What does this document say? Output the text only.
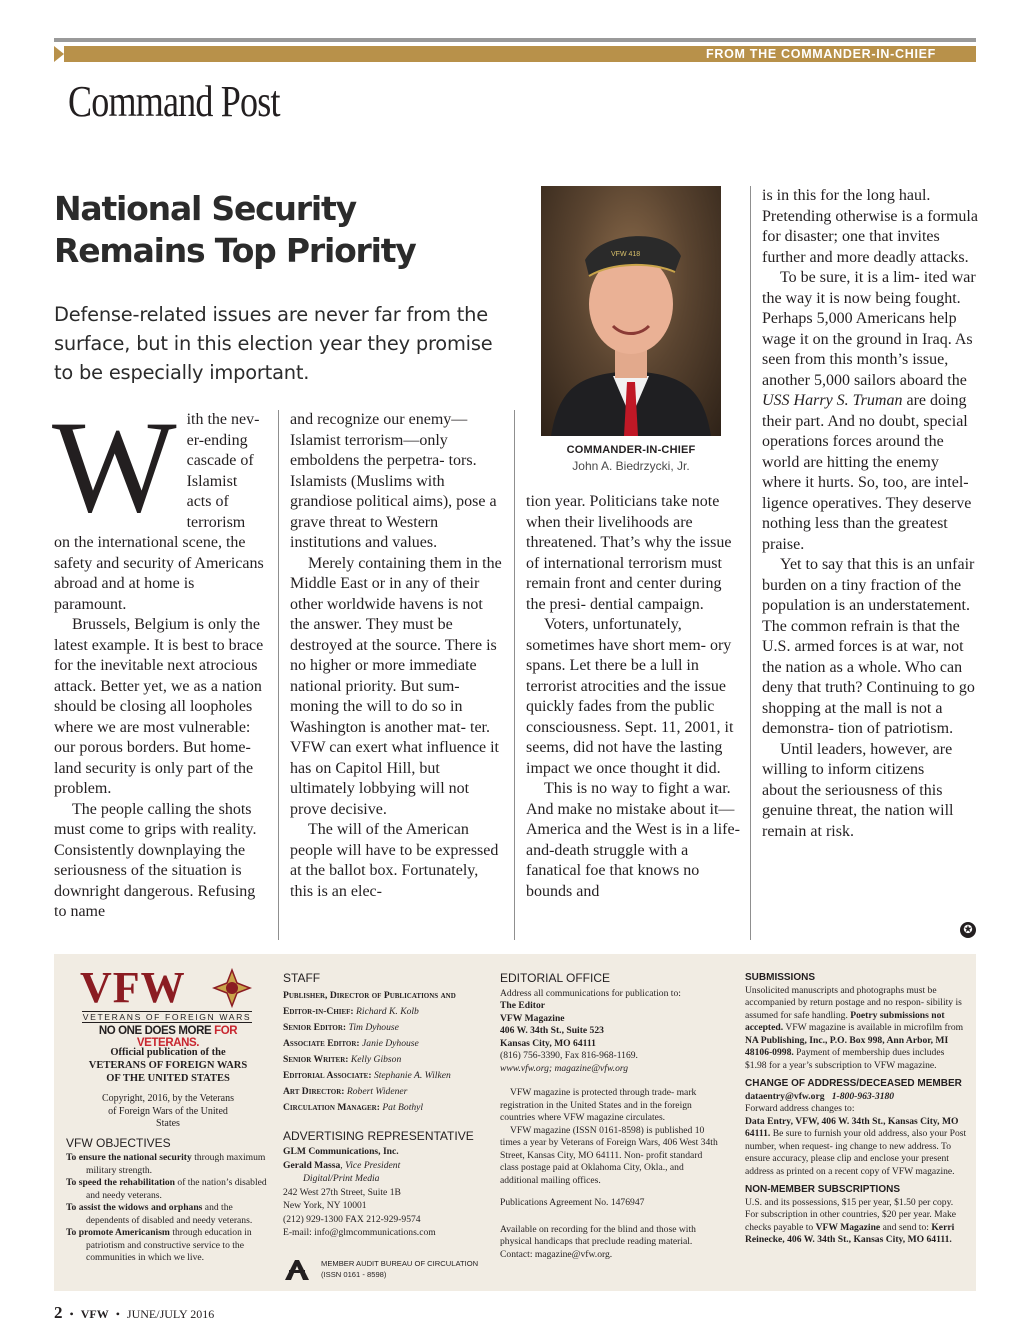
FROM THE COMMANDER-IN-CHIEF
Command Post
National Security
Remains Top Priority
Defense-related issues are never far from the surface, but in this election year they promise to be especially important.
W ith the nev- er-ending cascade of Islamist acts of terrorism

on the international scene, the safety and security of Americans abroad and at home is paramount.

Brussels, Belgium is only the latest example. It is best to brace for the inevitable next atrocious attack. Better yet, we as a nation should be closing all loopholes where we are most vulnerable: our porous borders. But home- land security is only part of the problem.

The people calling the shots must come to grips with reality. Consistently downplaying the seriousness of the situation is downright dangerous. Refusing to name

and recognize our enemy—Islamist terrorism—only emboldens the perpetra- tors. Islamists (Muslims with grandiose political aims), pose a grave threat to Western institutions and values.

Merely containing them in the Middle East or in any of their other worldwide havens is not the answer. They must be destroyed at the source. There is no higher or more immediate national priority. But sum- moning the will to do so in Washington is another mat- ter. VFW can exert what influence it has on Capitol Hill, but ultimately lobbying will not prove decisive.

The will of the American people will have to be expressed at the ballot box. Fortunately, this is an elec-

VFW 418
COMMANDER-IN-CHIEF
John A. Biedrzycki, Jr.

tion year. Politicians take note when their livelihoods are threatened. That’s why the issue of international terrorism must remain front and center during the presi- dential campaign.

Voters, unfortunately, sometimes have short mem- ory spans. Let there be a lull in terrorist atrocities and the issue quickly fades from the public consciousness. Sept. 11, 2001, it seems, did not have the lasting impact we once thought it did.

This is no way to fight a war. And make no mistake about it—America and the West is in a life-and-death struggle with a fanatical foe that knows no bounds and

is in this for the long haul. Pretending otherwise is a formula for disaster; one that invites further and more deadly attacks.

To be sure, it is a lim- ited war the way it is now being fought. Perhaps 5,000 Americans help wage it on the ground in Iraq. As seen from this month’s issue, another 5,000 sailors aboard the USS Harry S. Truman are doing their part. And no doubt, special operations forces around the world are hitting the enemy where it hurts. So, too, are intel- ligence operatives. They deserve nothing less than the greatest praise.

Yet to say that this is an unfair burden on a tiny fraction of the population is an understatement. The common refrain is that the U.S. armed forces is at war, not the nation as a whole. Who can deny that truth? Continuing to go shopping at the mall is not a demonstra- tion of patriotism.

Until leaders, however, are willing to inform citizens about the seriousness of this genuine threat, the nation will remain at risk.

✪
VFW
VETERANS OF FOREIGN WARS
NO ONE DOES MORE FOR VETERANS.
Official publication of the VETERANS OF FOREIGN WARS OF THE UNITED STATES
Copyright, 2016, by the Veterans of Foreign Wars of the United States
VFW OBJECTIVES
To ensure the national security through maximum military strength.
To speed the rehabilitation of the nation’s disabled and needy veterans.
To assist the widows and orphans and the dependents of disabled and needy veterans.
To promote Americanism through education in patriotism and constructive service to the communities in which we live.
STAFF
Publisher, Director of Publications and Editor-in-Chief: Richard K. Kolb
Senior Editor: Tim Dyhouse
Associate Editor: Janie Dyhouse
Senior Writer: Kelly Gibson
Editorial Associate: Stephanie A. Wilken
Art Director: Robert Widener
Circulation Manager: Pat Bothyl
ADVERTISING REPRESENTATIVE
GLM Communications, Inc.
Gerald Massa, Vice President
Digital/Print Media
242 West 27th Street, Suite 1B
New York, NY 10001
(212) 929-1300 FAX 212-929-9574
E-mail: info@glmcommunications.com
MEMBER AUDIT BUREAU OF CIRCULATION
(ISSN 0161 - 8598)
EDITORIAL OFFICE
Address all communications for publication to:
The Editor
VFW Magazine
406 W. 34th St., Suite 523
Kansas City, MO 64111
(816) 756-3390, Fax 816-968-1169.
www.vfw.org; magazine@vfw.org
VFW magazine is protected through trade- mark registration in the United States and in the foreign countries where VFW magazine circulates.
VFW magazine (ISSN 0161-8598) is published 10 times a year by Veterans of Foreign Wars, 406 West 34th Street, Kansas City, MO 64111. Non- profit standard class postage paid at Oklahoma City, Okla., and additional mailing offices.
Publications Agreement No. 1476947
Available on recording for the blind and those with physical handicaps that preclude reading material. Contact: magazine@vfw.org.
SUBMISSIONS
Unsolicited manuscripts and photographs must be accompanied by return postage and no respon- sibility is assumed for safe handling. Poetry submissions not accepted. VFW magazine is available in microfilm from NA Publishing, Inc., P.O. Box 998, Ann Arbor, MI 48106-0998. Payment of membership dues includes $1.98 for a year’s subscription to VFW magazine.
CHANGE OF ADDRESS/DECEASED MEMBER
dataentry@vfw.org 1-800-963-3180
Forward address changes to:
Data Entry, VFW, 406 W. 34th St., Kansas City, MO 64111. Be sure to furnish your old address, also your Post number, when request- ing change to new address. To ensure accuracy, please clip and enclose your present address as printed on a recent copy of VFW magazine.
NON-MEMBER SUBSCRIPTIONS
U.S. and its possessions, $15 per year, $1.50 per copy. For subscription in other countries, $20 per year. Make checks payable to VFW Magazine and send to: Kerri Reinecke, 406 W. 34th St., Kansas City, MO 64111.
2 • VFW • JUNE/JULY 2016
